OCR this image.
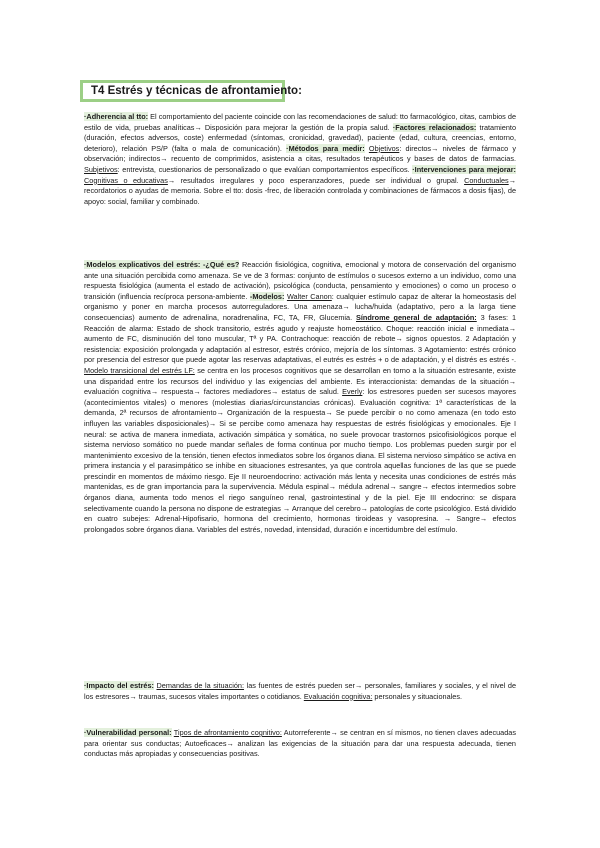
T4 Estrés y técnicas de afrontamiento:

·Adherencia al tto: El comportamiento del paciente coincide con las recomendaciones de salud: tto farmacológico, citas, cambios de estilo de vida, pruebas analíticas→ Disposición para mejorar la gestión de la propia salud. ·Factores relacionados: tratamiento (duración, efectos adversos, coste) enfermedad (síntomas, cronicidad, gravedad), paciente (edad, cultura, creencias, entorno, deterioro), relación PS/P (falta o mala de comunicación). ·Métodos para medir: Objetivos: directos→ niveles de fármaco y observación; indirectos→ recuento de comprimidos, asistencia a citas, resultados terapéuticos y bases de datos de farmacias. Subjetivos: entrevista, cuestionarios de personalizado o que evalúan comportamientos específicos. ·Intervenciones para mejorar: Cognitivas o educativas→ resultados irregulares y poco esperanzadores, puede ser individual o grupal. Conductuales→ recordatorios o ayudas de memoria. Sobre el tto: dosis -frec, de liberación controlada y combinaciones de fármacos a dosis fijas), de apoyo: social, familiar y combinado.

·Modelos explicativos del estrés: -¿Qué es? Reacción fisiológica, cognitiva, emocional y motora de conservación del organismo ante una situación percibida como amenaza. Se ve de 3 formas: conjunto de estímulos o sucesos externo a un individuo, como una respuesta fisiológica (aumenta el estado de activación), psicológica (conducta, pensamiento y emociones) o como un proceso o transición (influencia recíproca persona-ambiente. -Modelos: Walter Canon: cualquier estímulo capaz de alterar la homeostasis del organismo y poner en marcha procesos autorreguladores. Una amenaza→ lucha/huida (adaptativo, pero a la larga tiene consecuencias) aumento de adrenalina, noradrenalina, FC, TA, FR, Glucemia. Síndrome general de adaptación: 3 fases: 1 Reacción de alarma: Estado de shock transitorio, estrés agudo y reajuste homeostático. Choque: reacción inicial e inmediata→ aumento de FC, disminución del tono muscular, Tª y PA. Contrachoque: reacción de rebote→ signos opuestos. 2 Adaptación y resistencia: exposición prolongada y adaptación al estresor, estrés crónico, mejoría de los síntomas. 3 Agotamiento: estrés crónico por presencia del estresor que puede agotar las reservas adaptativas, el eutrés es estrés + o de adaptación, y el distrés es estrés -. Modelo transicional del estrés LF: se centra en los procesos cognitivos que se desarrollan en torno a la situación estresante, existe una disparidad entre los recursos del individuo y las exigencias del ambiente. Es interaccionista: demandas de la situación→ evaluación cognitiva→ respuesta→ factores mediadores→ estatus de salud. Everly: los estresores pueden ser sucesos mayores (acontecimientos vitales) o menores (molestias diarias/circunstancias crónicas). Evaluación cognitiva: 1ª características de la demanda, 2ª recursos de afrontamiento→ Organización de la respuesta→ Se puede percibir o no como amenaza (en todo esto influyen las variables disposicionales)→ Si se percibe como amenaza hay respuestas de estrés fisiológicas y emocionales. Eje I neural: se activa de manera inmediata, activación simpática y somática, no suele provocar trastornos psicofisiológicos porque el sistema nervioso somático no puede mandar señales de forma continua por mucho tiempo. Los problemas pueden surgir por el mantenimiento excesivo de la tensión, tienen efectos inmediatos sobre los órganos diana. El sistema nervioso simpático se activa en primera instancia y el parasimpático se inhibe en situaciones estresantes, ya que controla aquellas funciones de las que se puede prescindir en momentos de máximo riesgo. Eje II neuroendocrino: activación más lenta y necesita unas condiciones de estrés más mantenidas, es de gran importancia para la supervivencia. Médula espinal→ médula adrenal→ sangre→ efectos intermedios sobre órganos diana, aumenta todo menos el riego sanguíneo renal, gastrointestinal y de la piel. Eje III endocrino: se dispara selectivamente cuando la persona no dispone de estrategias → Arranque del cerebro→ patologías de corte psicológico. Está dividido en cuatro subejes: Adrenal-Hipofisario, hormona del crecimiento, hormonas tiroideas y vasopresina. → Sangre→ efectos prolongados sobre órganos diana. Variables del estrés, novedad, intensidad, duración e incertidumbre del estímulo.

·Impacto del estrés: Demandas de la situación: las fuentes de estrés pueden ser→ personales, familiares y sociales, y el nivel de los estresores→ traumas, sucesos vitales importantes o cotidianos. Evaluación cognitiva: personales y situacionales.

·Vulnerabilidad personal: Tipos de afrontamiento cognitivo: Autorreferente→ se centran en sí mismos, no tienen claves adecuadas para orientar sus conductas; Autoeficaces→ analizan las exigencias de la situación para dar una respuesta adecuada, tienen conductas más apropiadas y consecuencias positivas.
